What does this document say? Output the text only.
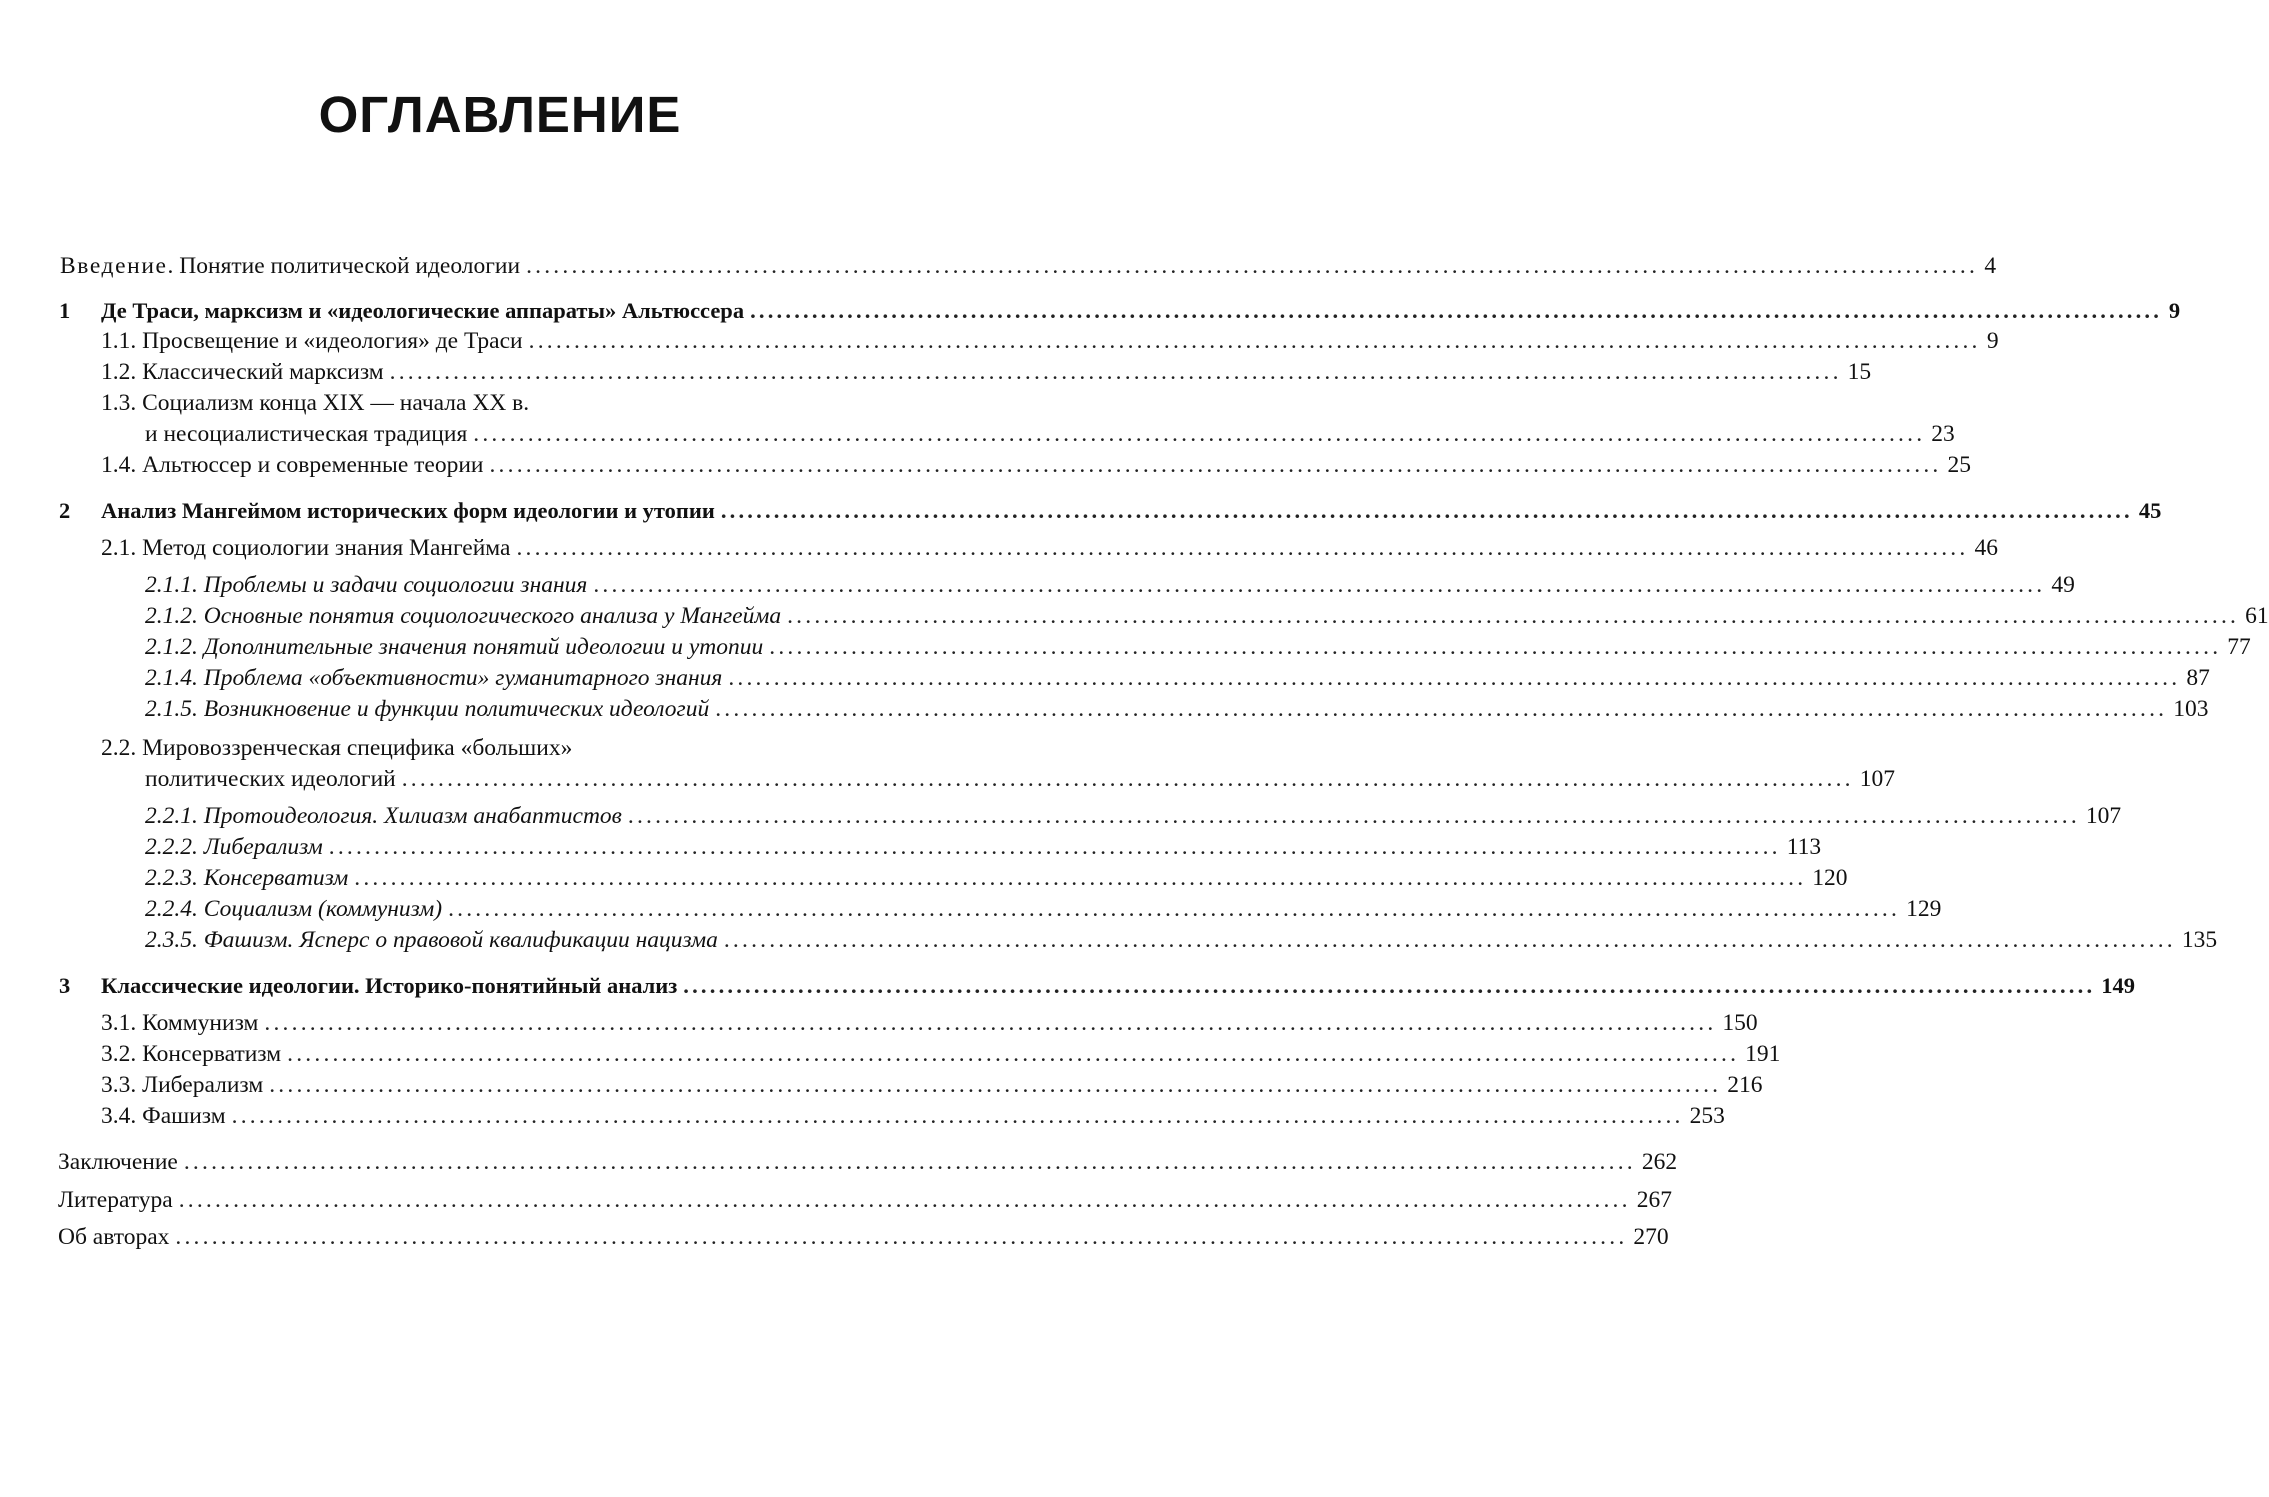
ОГЛАВЛЕНИЕ
Введение. Понятие политической идеологии ................................................................................................................................................................ 4
1 Де Траси, марксизм и «идеологические аппараты» Альтюссера ................................................................................................................................................................ 9
1.1. Просвещение и «идеология» де Траси ................................................................................................................................................................ 9
1.2. Классический марксизм ................................................................................................................................................................ 15
1.3. Социализм конца XIX — начала XX в.
и несоциалистическая традиция ................................................................................................................................................................ 23
1.4. Альтюссер и современные теории ................................................................................................................................................................ 25
2 Анализ Мангеймом исторических форм идеологии и утопии ................................................................................................................................................................ 45
2.1. Метод социологии знания Мангейма ................................................................................................................................................................ 46
2.1.1. Проблемы и задачи социологии знания ................................................................................................................................................................ 49
2.1.2. Основные понятия социологического анализа у Мангейма ................................................................................................................................................................ 61
2.1.2. Дополнительные значения понятий идеологии и утопии ................................................................................................................................................................ 77
2.1.4. Проблема «объективности» гуманитарного знания ................................................................................................................................................................ 87
2.1.5. Возникновение и функции политических идеологий ................................................................................................................................................................ 103
2.2. Мировоззренческая специфика «больших»
политических идеологий ................................................................................................................................................................ 107
2.2.1. Протоидеология. Хилиазм анабаптистов ................................................................................................................................................................ 107
2.2.2. Либерализм ................................................................................................................................................................ 113
2.2.3. Консерватизм ................................................................................................................................................................ 120
2.2.4. Социализм (коммунизм) ................................................................................................................................................................ 129
2.3.5. Фашизм. Ясперс о правовой квалификации нацизма ................................................................................................................................................................ 135
3 Классические идеологии. Историко-понятийный анализ ................................................................................................................................................................ 149
3.1. Коммунизм ................................................................................................................................................................ 150
3.2. Консерватизм ................................................................................................................................................................ 191
3.3. Либерализм ................................................................................................................................................................ 216
3.4. Фашизм ................................................................................................................................................................ 253
Заключение ................................................................................................................................................................ 262
Литература ................................................................................................................................................................ 267
Об авторах ................................................................................................................................................................ 270
